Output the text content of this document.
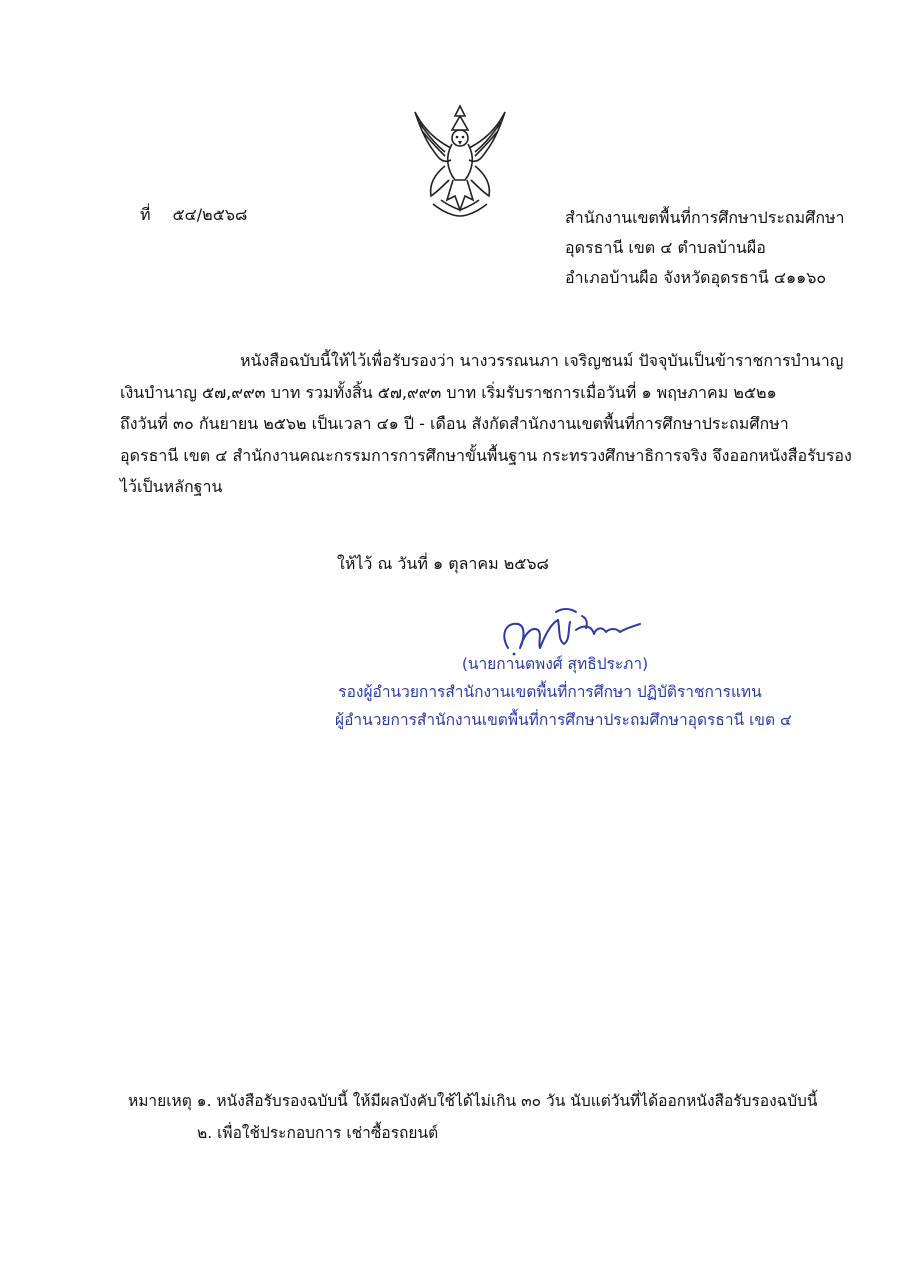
ที่ ๕๔/๒๕๖๘	สำนักงานเขตพื้นที่การศึกษาประถมศึกษา
อุดรธานี เขต ๔ ตำบลบ้านผือ
อำเภอบ้านผือ จังหวัดอุดรธานี ๔๑๑๖๐
หนังสือฉบับนี้ให้ไว้เพื่อรับรองว่า นางวรรณนภา เจริญชนม์ ปัจจุบันเป็นข้าราชการบำนาญ
เงินบำนาญ ๕๗,๙๙๓ บาท รวมทั้งสิ้น ๕๗,๙๙๓ บาท เริ่มรับราชการเมื่อวันที่ ๑ พฤษภาคม ๒๕๒๑
ถึงวันที่ ๓๐ กันยายน ๒๕๖๒ เป็นเวลา ๔๑ ปี - เดือน สังกัดสำนักงานเขตพื้นที่การศึกษาประถมศึกษา
อุดรธานี เขต ๔ สำนักงานคณะกรรมการการศึกษาขั้นพื้นฐาน กระทรวงศึกษาธิการจริง จึงออกหนังสือรับรอง
ไว้เป็นหลักฐาน
ให้ไว้ ณ วันที่ ๑ ตุลาคม ๒๕๖๘
(นายกานตพงศ์ สุทธิประภา)
รองผู้อำนวยการสำนักงานเขตพื้นที่การศึกษา ปฏิบัติราชการแทน
ผู้อำนวยการสำนักงานเขตพื้นที่การศึกษาประถมศึกษาอุดรธานี เขต ๔
หมายเหตุ ๑. หนังสือรับรองฉบับนี้ ให้มีผลบังคับใช้ได้ไม่เกิน ๓๐ วัน นับแต่วันที่ได้ออกหนังสือรับรองฉบับนี้
๒. เพื่อใช้ประกอบการ เช่าซื้อรถยนต์
